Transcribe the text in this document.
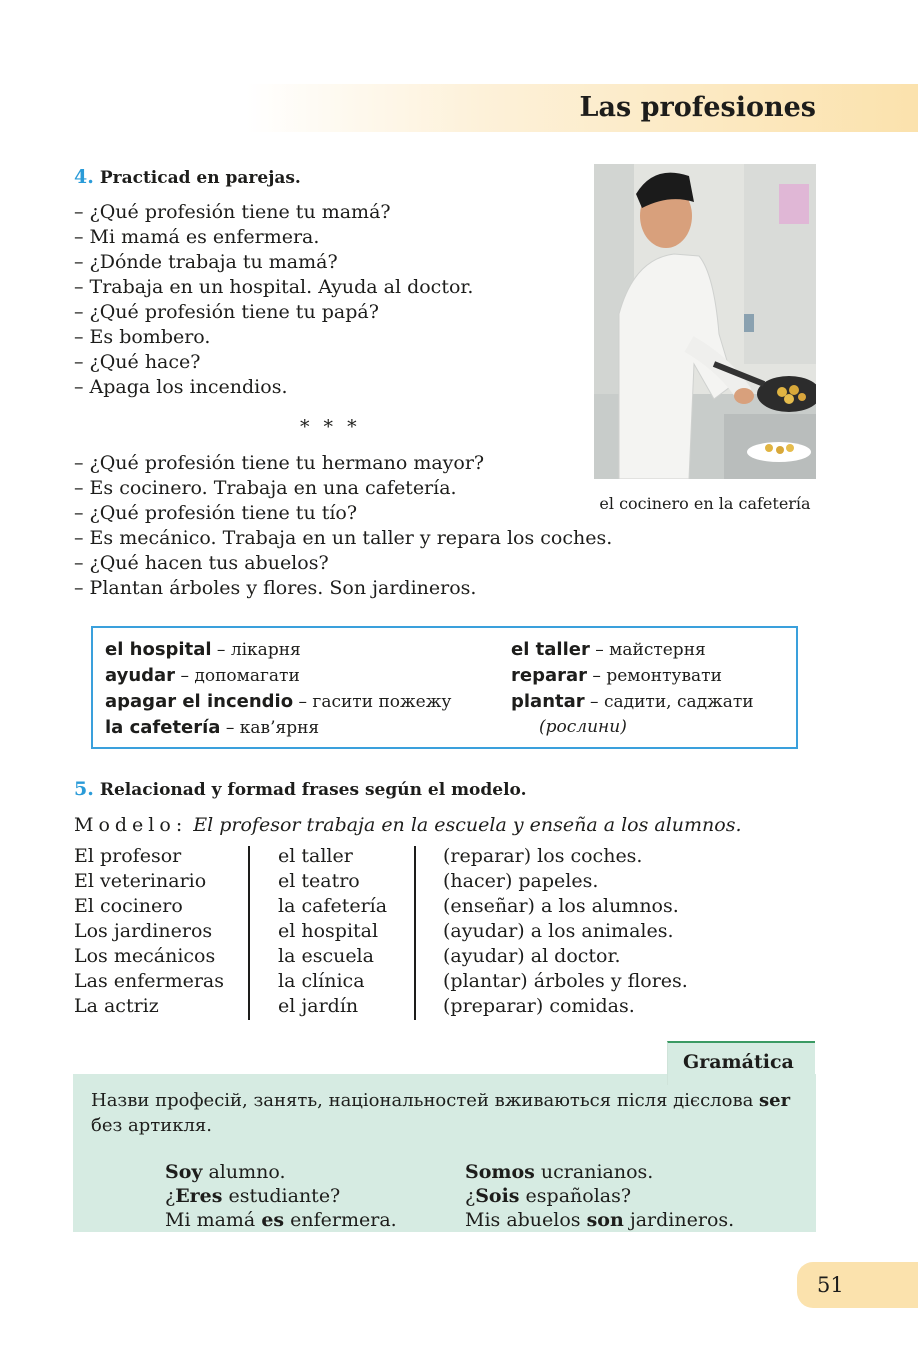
Las profesiones
4. Practicad en parejas.
– ¿Qué profesión tiene tu mamá?
– Mi mamá es enfermera.
– ¿Dónde trabaja tu mamá?
– Trabaja en un hospital. Ayuda al doctor.
– ¿Qué profesión tiene tu papá?
– Es bombero.
– ¿Qué hace?
– Apaga los incendios.
* * *
– ¿Qué profesión tiene tu hermano mayor?
– Es cocinero. Trabaja en una cafetería.
– ¿Qué profesión tiene tu tío?
– Es mecánico. Trabaja en un taller y repara los coches.
– ¿Qué hacen tus abuelos?
– Plantan árboles y flores. Son jardineros.
el cocinero en la cafetería
el hospital – лікарня
ayudar – допомагати
apagar el incendio – гасити пожежу
la cafetería – кав’ярня
el taller – майстерня
reparar – ремонтувати
plantar – садити, саджати
(рослини)
5. Relacionad y formad frases según el modelo.
Modelo: El profesor trabaja en la escuela y enseña a los alumnos.
El profesor
El veterinario
El cocinero
Los jardineros
Los mecánicos
Las enfermeras
La actriz
el taller
el teatro
la cafetería
el hospital
la escuela
la clínica
el jardín
(reparar) los coches.
(hacer) papeles.
(enseñar) a los alumnos.
(ayudar) a los animales.
(ayudar) al doctor.
(plantar) árboles y flores.
(preparar) comidas.
Назви професій, занять, національностей вживаються після дієслова ser без артикля.
Soy alumno.
¿Eres estudiante?
Mi mamá es enfermera.
Somos ucranianos.
¿Sois españolas?
Mis abuelos son jardineros.
Gramática
51
